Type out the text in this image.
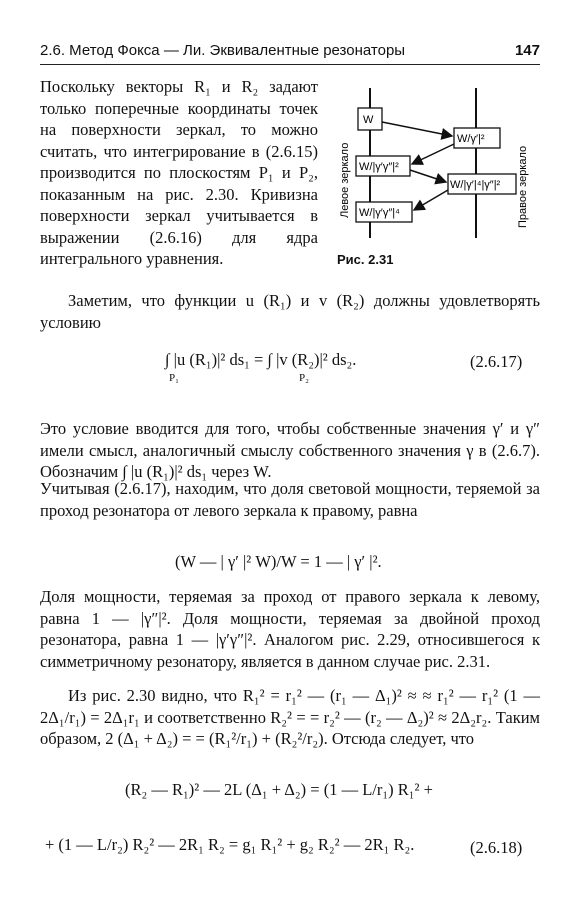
2.6. Метод Фокса — Ли. Эквивалентные резонаторы	147
Поскольку векторы R₁ и R₂ задают только поперечные координаты точек на поверхности зеркал, то можно считать, что интегрирование в (2.6.15) производится по плоскостям P₁ и P₂, показанным на рис. 2.30. Кривизна поверхности зеркал учитывается в выражении (2.6.16) для ядра интегрального уравнения.
W
W/γ′|²
W/|γ′γ″|²
W/|γ′|⁴|γ″|²
W/|γ′γ″|⁴
Левое зеркало	Правое зеркало
Рис. 2.31
Заметим, что функции u (R₁) и v (R₂) должны удовлетворять условию
∫ |u (R₁)|² ds₁ = ∫ |v (R₂)|² ds₂.
P₁	P₂
(2.6.17)
Это условие вводится для того, чтобы собственные значения γ′ и γ″ имели смысл, аналогичный смыслу собственного значения γ в (2.6.7). Обозначим ∫ |u (R₁)|² ds₁ через W.
Учитывая (2.6.17), находим, что доля световой мощности, теряемой за проход резонатора от левого зеркала к правому, равна
(W — | γ′ |² W)/W = 1 — | γ′ |².
Доля мощности, теряемая за проход от правого зеркала к левому, равна 1 — |γ″|². Доля мощности, теряемая за двойной проход резонатора, равна 1 — |γ′γ″|². Аналогом рис. 2.29, относившегося к симметричному резонатору, является в данном случае рис. 2.31.
Из рис. 2.30 видно, что R₁² = r₁² — (r₁ — Δ₁)² ≈ ≈ r₁² — r₁² (1 — 2Δ₁/r₁) = 2Δ₁r₁ и соответственно R₂² = = r₂² — (r₂ — Δ₂)² ≈ 2Δ₂r₂. Таким образом, 2 (Δ₁ + Δ₂) = = (R₁²/r₁) + (R₂²/r₂). Отсюда следует, что
(R₂ — R₁)² — 2L (Δ₁ + Δ₂) = (1 — L/r₁) R₁² +
+ (1 — L/r₂) R₂² — 2R₁ R₂ = g₁ R₁² + g₂ R₂² — 2R₁ R₂.	(2.6.18)
